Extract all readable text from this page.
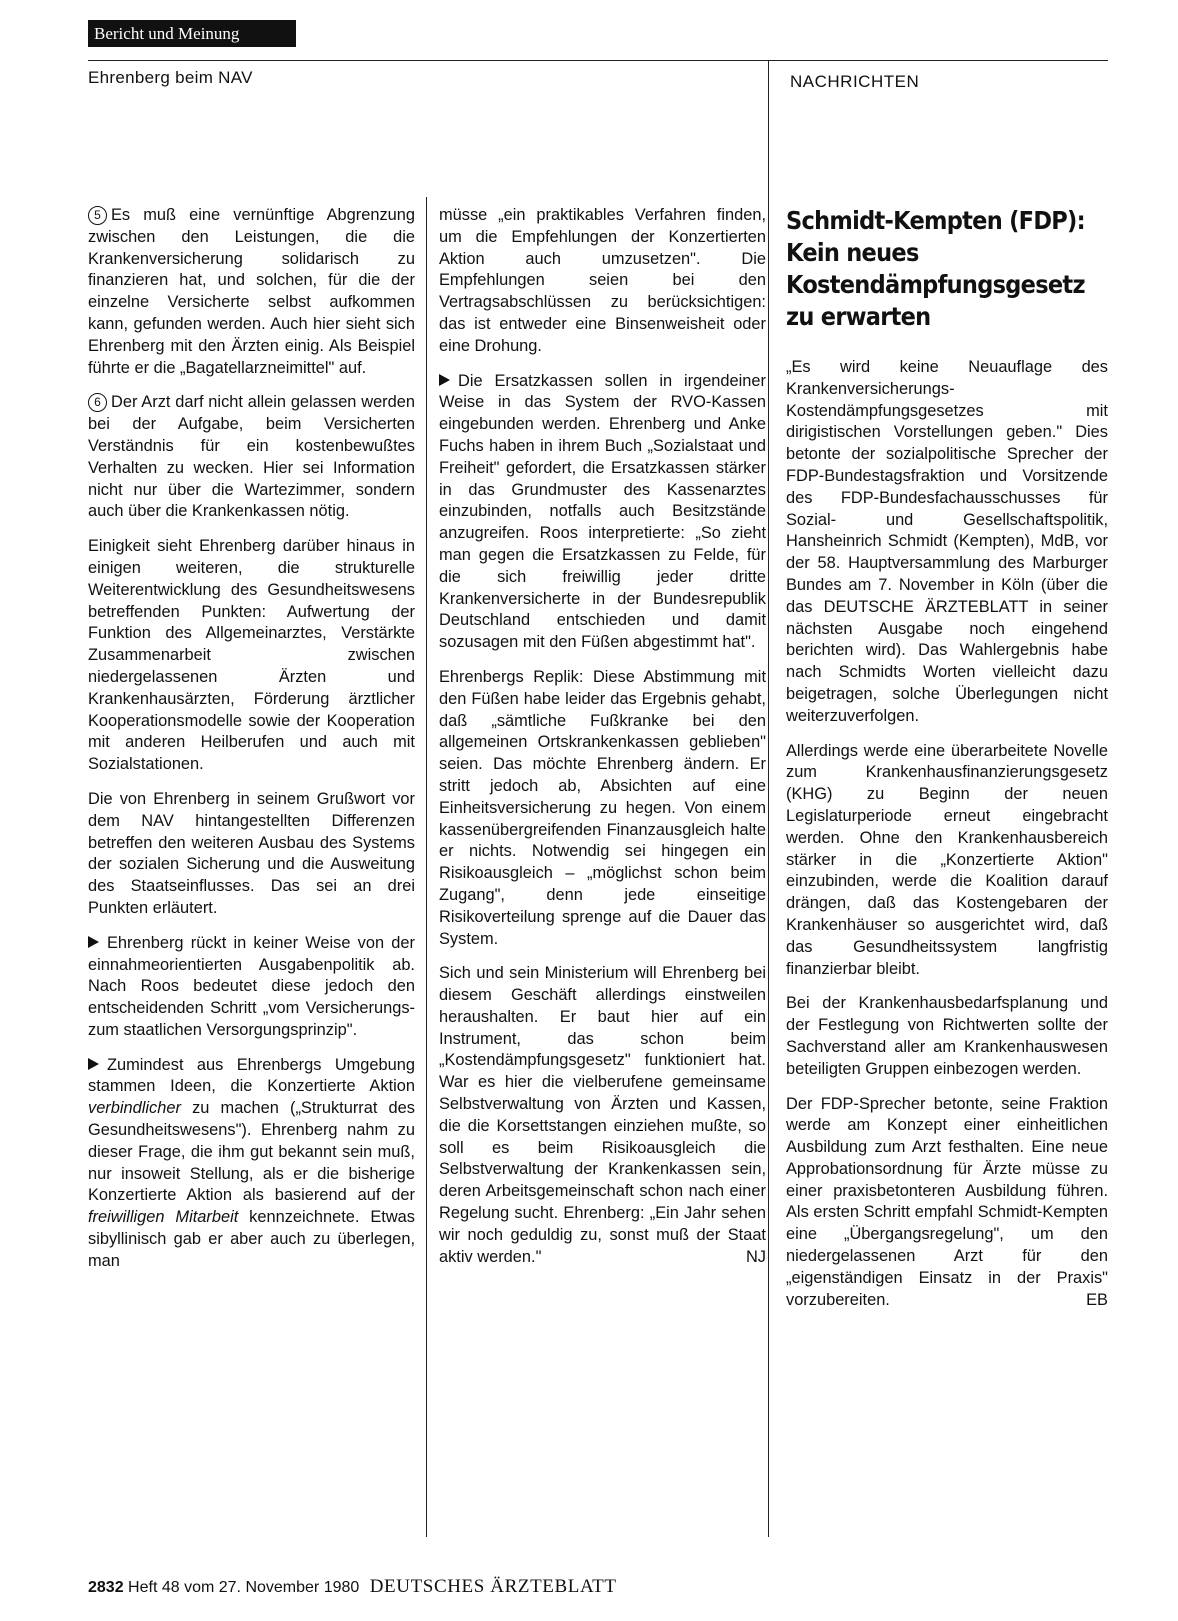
Bericht und Meinung
Ehrenberg beim NAV	NACHRICHTEN

5 Es muß eine vernünftige Abgrenzung zwischen den Leistungen, die die Krankenversicherung solidarisch zu finanzieren hat, und solchen, für die der einzelne Versicherte selbst aufkommen kann, gefunden werden. Auch hier sieht sich Ehrenberg mit den Ärzten einig. Als Beispiel führte er die „Bagatellarzneimittel" auf.

6 Der Arzt darf nicht allein gelassen werden bei der Aufgabe, beim Versicherten Verständnis für ein kostenbewußtes Verhalten zu wecken. Hier sei Information nicht nur über die Wartezimmer, sondern auch über die Krankenkassen nötig.

Einigkeit sieht Ehrenberg darüber hinaus in einigen weiteren, die strukturelle Weiterentwicklung des Gesundheitswesens betreffenden Punkten: Aufwertung der Funktion des Allgemeinarztes, Verstärkte Zusammenarbeit zwischen niedergelassenen Ärzten und Krankenhausärzten, Förderung ärztlicher Kooperationsmodelle sowie der Kooperation mit anderen Heilberufen und auch mit Sozialstationen.

Die von Ehrenberg in seinem Grußwort vor dem NAV hintangestellten Differenzen betreffen den weiteren Ausbau des Systems der sozialen Sicherung und die Ausweitung des Staatseinflusses. Das sei an drei Punkten erläutert.

Ehrenberg rückt in keiner Weise von der einnahmeorientierten Ausgabenpolitik ab. Nach Roos bedeutet diese jedoch den entscheidenden Schritt „vom Versicherungs- zum staatlichen Versorgungsprinzip".

Zumindest aus Ehrenbergs Umgebung stammen Ideen, die Konzertierte Aktion verbindlicher zu machen („Strukturrat des Gesundheitswesens"). Ehrenberg nahm zu dieser Frage, die ihm gut bekannt sein muß, nur insoweit Stellung, als er die bisherige Konzertierte Aktion als basierend auf der freiwilligen Mitarbeit kennzeichnete. Etwas sibyllinisch gab er aber auch zu überlegen, man

müsse „ein praktikables Verfahren finden, um die Empfehlungen der Konzertierten Aktion auch umzusetzen". Die Empfehlungen seien bei den Vertragsabschlüssen zu berücksichtigen: das ist entweder eine Binsenweisheit oder eine Drohung.

Die Ersatzkassen sollen in irgendeiner Weise in das System der RVO-Kassen eingebunden werden. Ehrenberg und Anke Fuchs haben in ihrem Buch „Sozialstaat und Freiheit" gefordert, die Ersatzkassen stärker in das Grundmuster des Kassenarztes einzubinden, notfalls auch Besitzstände anzugreifen. Roos interpretierte: „So zieht man gegen die Ersatzkassen zu Felde, für die sich freiwillig jeder dritte Krankenversicherte in der Bundesrepublik Deutschland entschieden und damit sozusagen mit den Füßen abgestimmt hat".

Ehrenbergs Replik: Diese Abstimmung mit den Füßen habe leider das Ergebnis gehabt, daß „sämtliche Fußkranke bei den allgemeinen Ortskrankenkassen geblieben" seien. Das möchte Ehrenberg ändern. Er stritt jedoch ab, Absichten auf eine Einheitsversicherung zu hegen. Von einem kassenübergreifenden Finanzausgleich halte er nichts. Notwendig sei hingegen ein Risikoausgleich – „möglichst schon beim Zugang", denn jede einseitige Risikoverteilung sprenge auf die Dauer das System.

Sich und sein Ministerium will Ehrenberg bei diesem Geschäft allerdings einstweilen heraushalten. Er baut hier auf ein Instrument, das schon beim „Kostendämpfungsgesetz" funktioniert hat. War es hier die vielberufene gemeinsame Selbstverwaltung von Ärzten und Kassen, die die Korsettstangen einziehen mußte, so soll es beim Risikoausgleich die Selbstverwaltung der Krankenkassen sein, deren Arbeitsgemeinschaft schon nach einer Regelung sucht. Ehrenberg: „Ein Jahr sehen wir noch geduldig zu, sonst muß der Staat aktiv werden."	NJ

Schmidt-Kempten (FDP):
Kein neues
Kostendämpfungsgesetz
zu erwarten

„Es wird keine Neuauflage des Krankenversicherungs-Kostendämpfungsgesetzes mit dirigistischen Vorstellungen geben." Dies betonte der sozialpolitische Sprecher der FDP-Bundestagsfraktion und Vorsitzende des FDP-Bundesfachausschusses für Sozial- und Gesellschaftspolitik, Hansheinrich Schmidt (Kempten), MdB, vor der 58. Hauptversammlung des Marburger Bundes am 7. November in Köln (über die das DEUTSCHE ÄRZTEBLATT in seiner nächsten Ausgabe noch eingehend berichten wird). Das Wahlergebnis habe nach Schmidts Worten vielleicht dazu beigetragen, solche Überlegungen nicht weiterzuverfolgen.

Allerdings werde eine überarbeitete Novelle zum Krankenhausfinanzierungsgesetz (KHG) zu Beginn der neuen Legislaturperiode erneut eingebracht werden. Ohne den Krankenhausbereich stärker in die „Konzertierte Aktion" einzubinden, werde die Koalition darauf drängen, daß das Kostengebaren der Krankenhäuser so ausgerichtet wird, daß das Gesundheitssystem langfristig finanzierbar bleibt.

Bei der Krankenhausbedarfsplanung und der Festlegung von Richtwerten sollte der Sachverstand aller am Krankenhauswesen beteiligten Gruppen einbezogen werden.

Der FDP-Sprecher betonte, seine Fraktion werde am Konzept einer einheitlichen Ausbildung zum Arzt festhalten. Eine neue Approbationsordnung für Ärzte müsse zu einer praxisbetonteren Ausbildung führen. Als ersten Schritt empfahl Schmidt-Kempten eine „Übergangsregelung", um den niedergelassenen Arzt für den „eigenständigen Einsatz in der Praxis" vorzubereiten.	EB

2832 Heft 48 vom 27. November 1980 DEUTSCHES ÄRZTEBLATT
